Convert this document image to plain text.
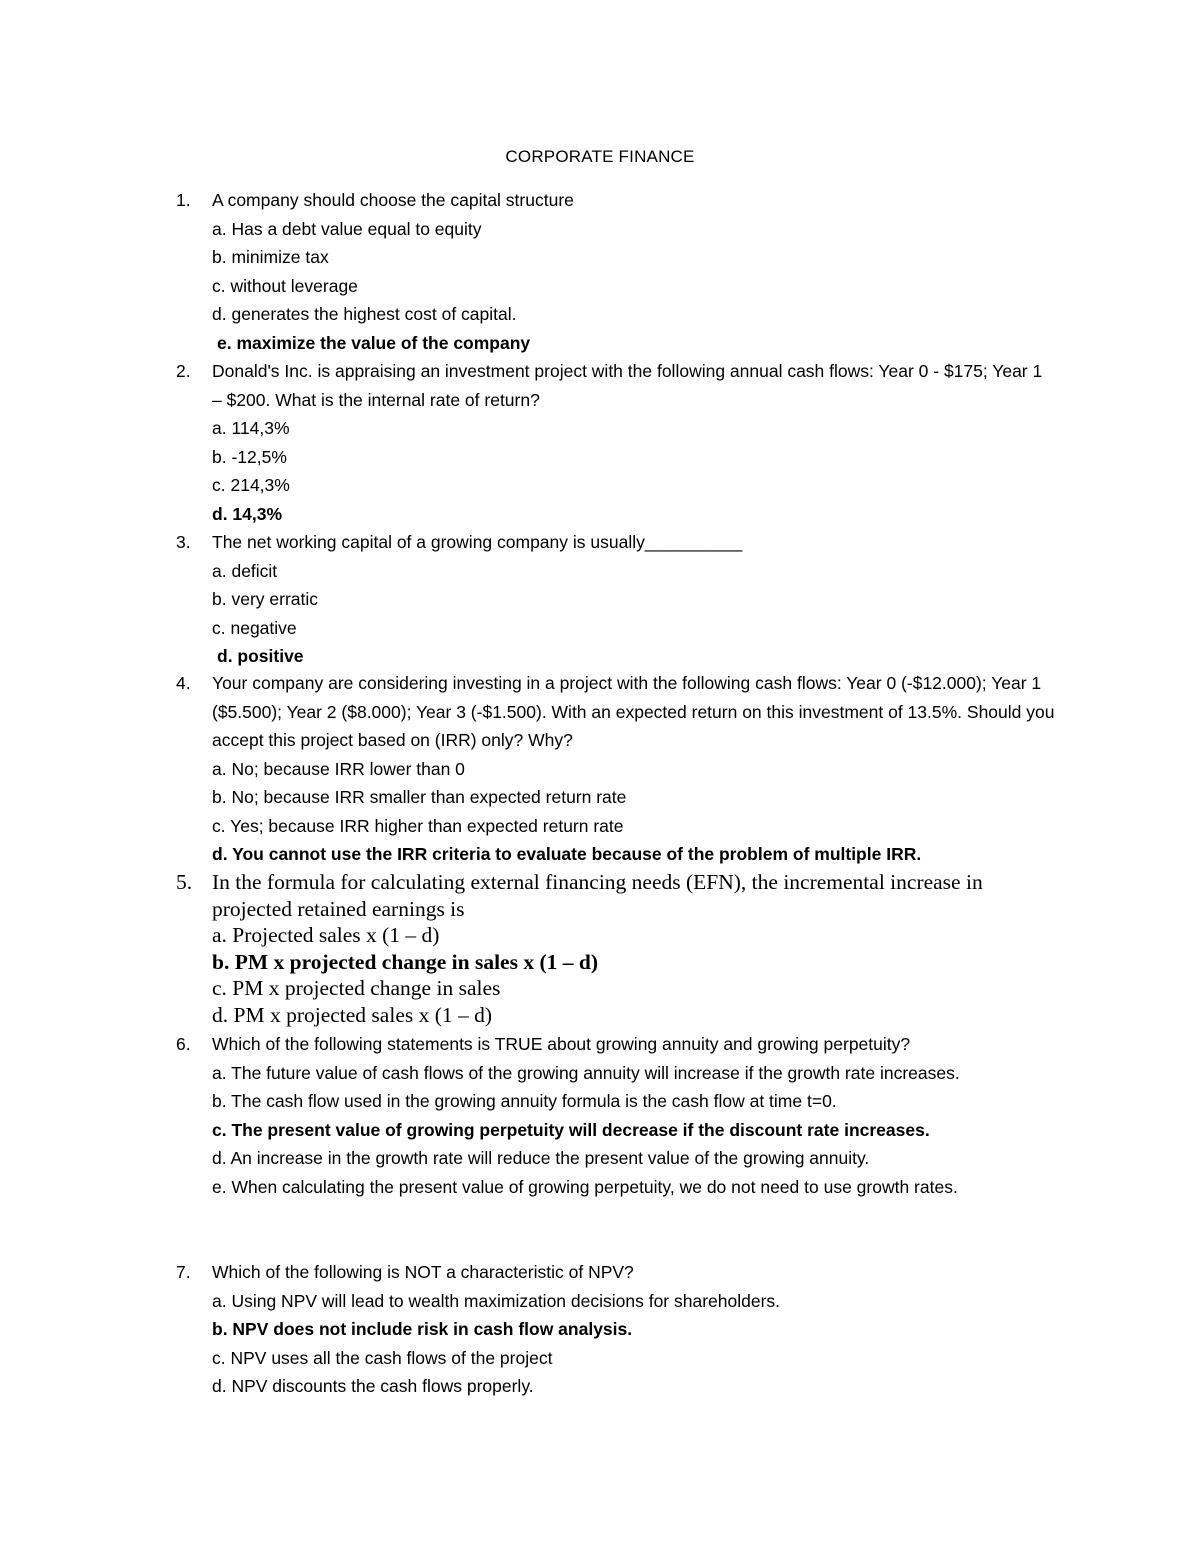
CORPORATE FINANCE
1. A company should choose the capital structure
a. Has a debt value equal to equity
b. minimize tax
c. without leverage
d. generates the highest cost of capital.
e. maximize the value of the company
2. Donald's Inc. is appraising an investment project with the following annual cash flows: Year 0 - $175; Year 1 – $200. What is the internal rate of return?
a. 114,3%
b. -12,5%
c. 214,3%
d. 14,3%
3. The net working capital of a growing company is usually__________
a. deficit
b. very erratic
c. negative
d. positive
4. Your company are considering investing in a project with the following cash flows: Year 0 (-$12.000); Year 1 ($5.500); Year 2 ($8.000); Year 3 (-$1.500). With an expected return on this investment of 13.5%. Should you accept this project based on (IRR) only? Why?
a. No; because IRR lower than 0
b. No; because IRR smaller than expected return rate
c. Yes; because IRR higher than expected return rate
d. You cannot use the IRR criteria to evaluate because of the problem of multiple IRR.
5. In the formula for calculating external financing needs (EFN), the incremental increase in projected retained earnings is
a. Projected sales x (1 – d)
b. PM x projected change in sales x (1 – d)
c. PM x projected change in sales
d. PM x projected sales x (1 – d)
6. Which of the following statements is TRUE about growing annuity and growing perpetuity?
a. The future value of cash flows of the growing annuity will increase if the growth rate increases.
b. The cash flow used in the growing annuity formula is the cash flow at time t=0.
c. The present value of growing perpetuity will decrease if the discount rate increases.
d. An increase in the growth rate will reduce the present value of the growing annuity.
e. When calculating the present value of growing perpetuity, we do not need to use growth rates.
7. Which of the following is NOT a characteristic of NPV?
a. Using NPV will lead to wealth maximization decisions for shareholders.
b. NPV does not include risk in cash flow analysis.
c. NPV uses all the cash flows of the project
d. NPV discounts the cash flows properly.
